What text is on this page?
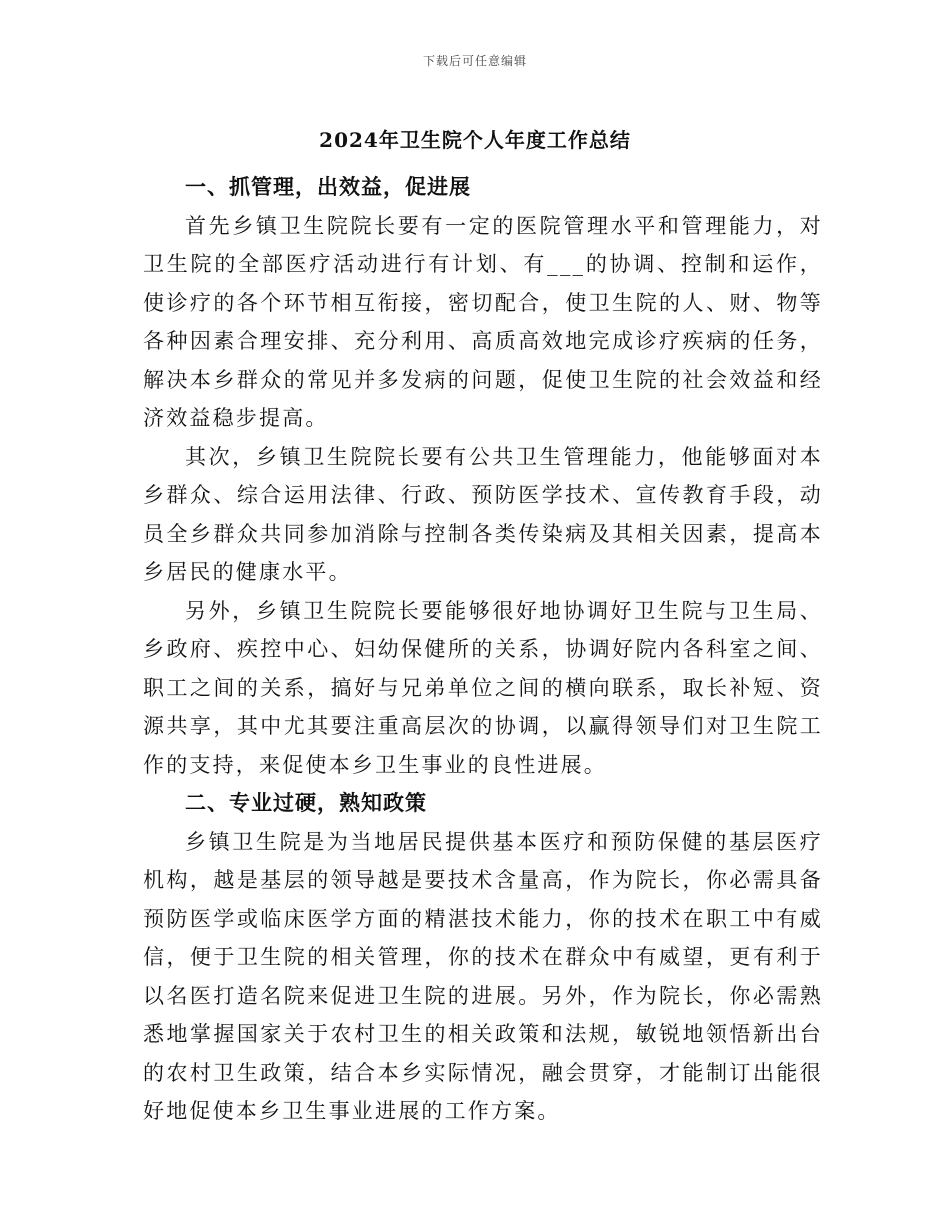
下载后可任意编辑
2024年卫生院个人年度工作总结

一、抓管理，出效益，促进展

首先乡镇卫生院院长要有一定的医院管理水平和管理能力，对卫生院的全部医疗活动进行有计划、有___的协调、控制和运作，使诊疗的各个环节相互衔接，密切配合，使卫生院的人、财、物等各种因素合理安排、充分利用、高质高效地完成诊疗疾病的任务，解决本乡群众的常见并多发病的问题，促使卫生院的社会效益和经济效益稳步提高。

其次，乡镇卫生院院长要有公共卫生管理能力，他能够面对本乡群众、综合运用法律、行政、预防医学技术、宣传教育手段，动员全乡群众共同参加消除与控制各类传染病及其相关因素，提高本乡居民的健康水平。

另外，乡镇卫生院院长要能够很好地协调好卫生院与卫生局、乡政府、疾控中心、妇幼保健所的关系，协调好院内各科室之间、职工之间的关系，搞好与兄弟单位之间的横向联系，取长补短、资源共享，其中尤其要注重高层次的协调，以赢得领导们对卫生院工作的支持，来促使本乡卫生事业的良性进展。

二、专业过硬，熟知政策

乡镇卫生院是为当地居民提供基本医疗和预防保健的基层医疗机构，越是基层的领导越是要技术含量高，作为院长，你必需具备预防医学或临床医学方面的精湛技术能力，你的技术在职工中有威信，便于卫生院的相关管理，你的技术在群众中有威望，更有利于以名医打造名院来促进卫生院的进展。另外，作为院长，你必需熟悉地掌握国家关于农村卫生的相关政策和法规，敏锐地领悟新出台的农村卫生政策，结合本乡实际情况，融会贯穿，才能制订出能很好地促使本乡卫生事业进展的工作方案。
